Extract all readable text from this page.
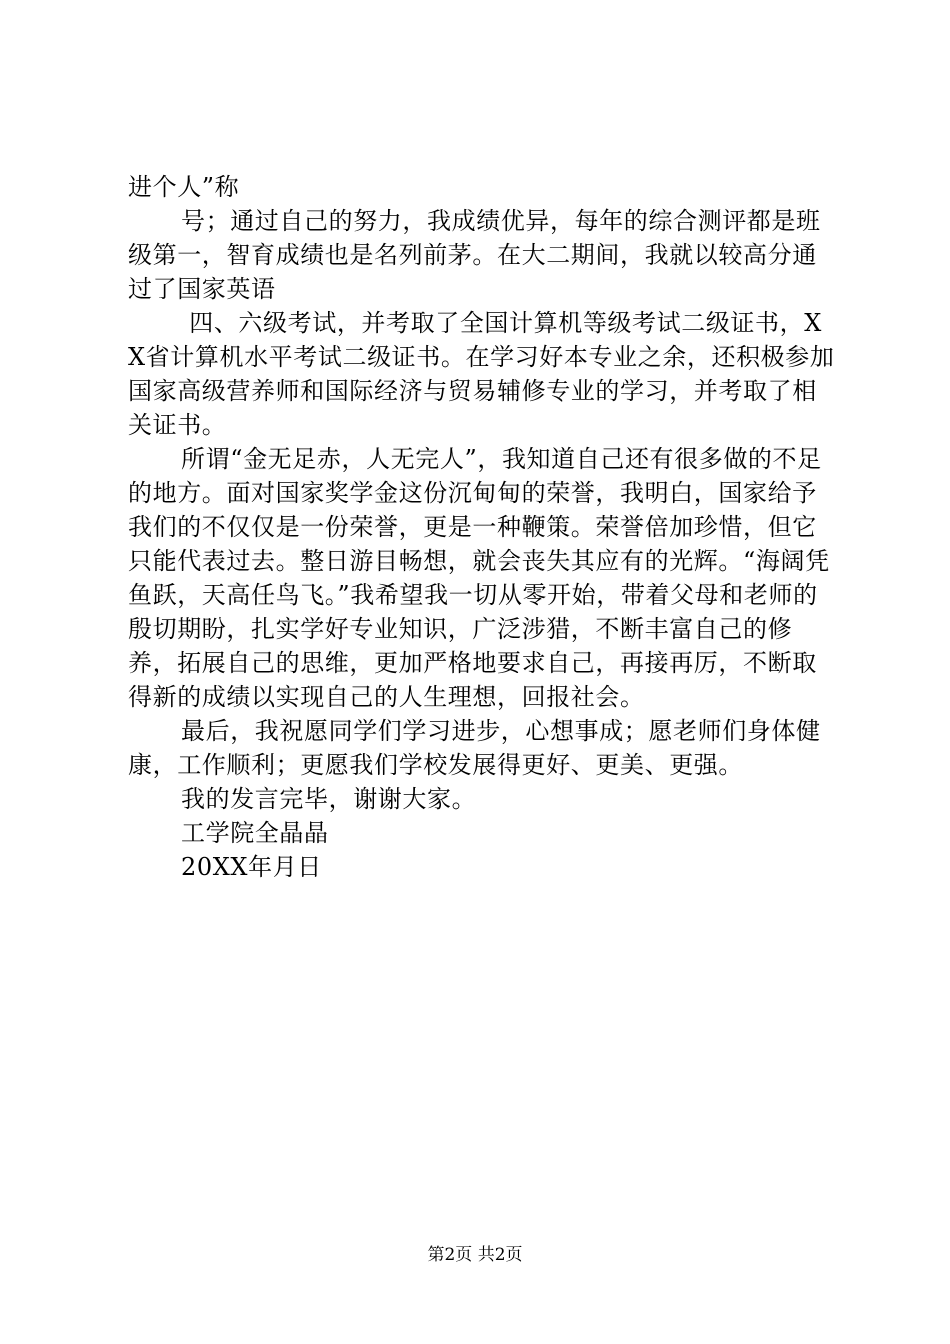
进个人”称

号；通过自己的努力，我成绩优异，每年的综合测评都是班级第一，智育成绩也是名列前茅。在大二期间，我就以较高分通过了国家英语

四、六级考试，并考取了全国计算机等级考试二级证书，XX省计算机水平考试二级证书。在学习好本专业之余，还积极参加国家高级营养师和国际经济与贸易辅修专业的学习，并考取了相关证书。

所谓“金无足赤，人无完人”，我知道自己还有很多做的不足的地方。面对国家奖学金这份沉甸甸的荣誉，我明白，国家给予我们的不仅仅是一份荣誉，更是一种鞭策。荣誉倍加珍惜，但它只能代表过去。整日游目畅想，就会丧失其应有的光辉。“海阔凭鱼跃，天高任鸟飞。”我希望我一切从零开始，带着父母和老师的殷切期盼，扎实学好专业知识，广泛涉猎，不断丰富自己的修养，拓展自己的思维，更加严格地要求自己，再接再厉，不断取得新的成绩以实现自己的人生理想，回报社会。

最后，我祝愿同学们学习进步，心想事成；愿老师们身体健康，工作顺利；更愿我们学校发展得更好、更美、更强。

我的发言完毕，谢谢大家。

工学院全晶晶

20XX年月日

第2页 共2页
